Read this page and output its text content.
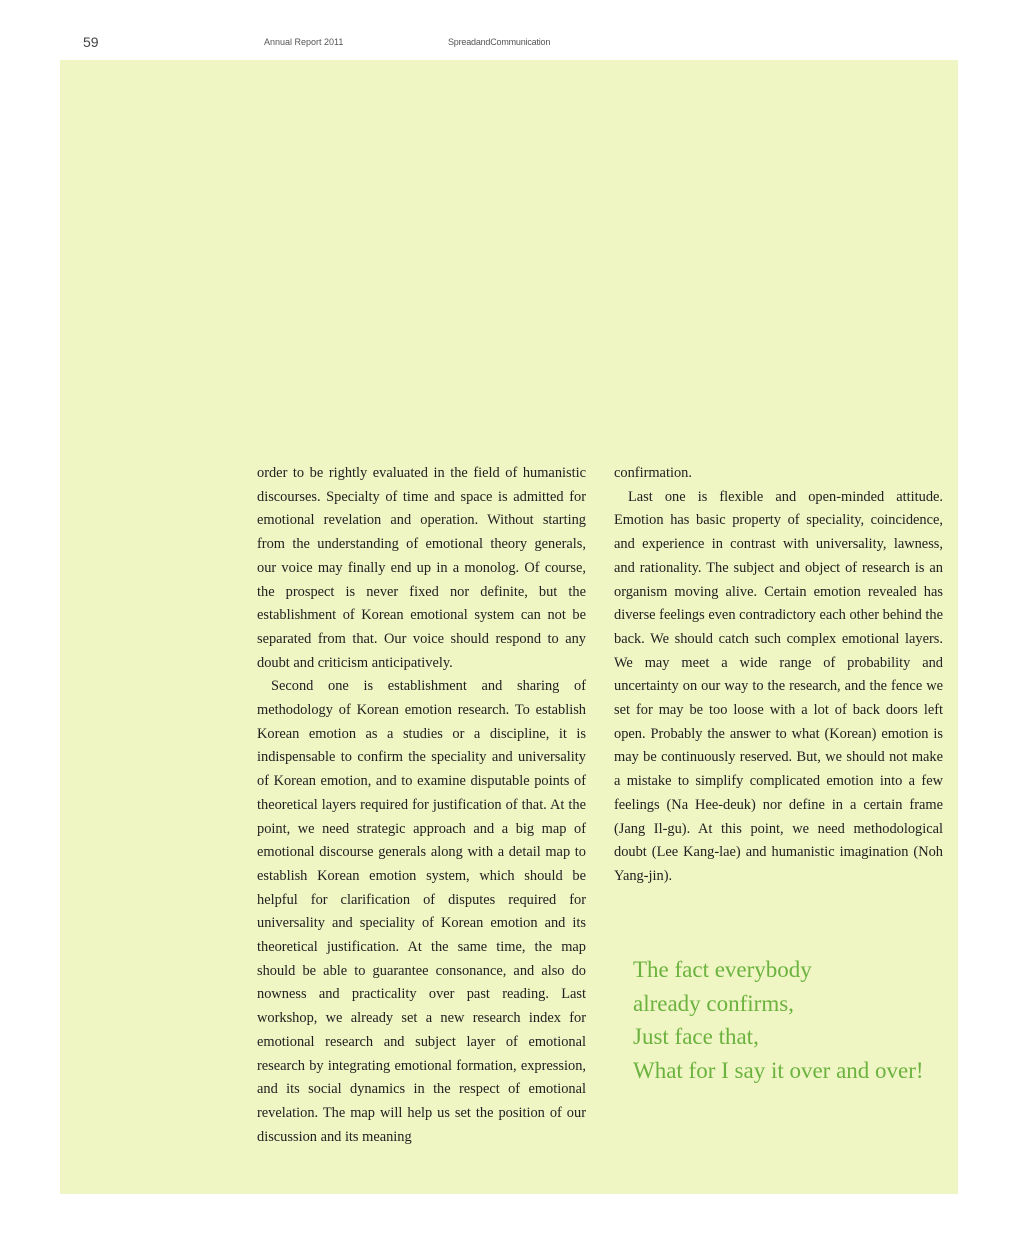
59	Annual Report 2011	SpreadandCommunication

order to be rightly evaluated in the field of humanistic discourses. Specialty of time and space is admitted for emotional revelation and operation. Without starting from the understanding of emotional theory generals, our voice may finally end up in a monolog. Of course, the prospect is never fixed nor definite, but the establishment of Korean emotional system can not be separated from that. Our voice should respond to any doubt and criticism anticipatively.

Second one is establishment and sharing of methodology of Korean emotion research. To establish Korean emotion as a studies or a discipline, it is indispensable to confirm the speciality and universality of Korean emotion, and to examine disputable points of theoretical layers required for justification of that. At the point, we need strategic approach and a big map of emotional discourse generals along with a detail map to establish Korean emotion system, which should be helpful for clarification of disputes required for universality and speciality of Korean emotion and its theoretical justification. At the same time, the map should be able to guarantee consonance, and also do nowness and practicality over past reading. Last workshop, we already set a new research index for emotional research and subject layer of emotional research by integrating emotional formation, expression, and its social dynamics in the respect of emotional revelation. The map will help us set the position of our discussion and its meaning

confirmation.

Last one is flexible and open-minded attitude. Emotion has basic property of speciality, coincidence, and experience in contrast with universality, lawness, and rationality. The subject and object of research is an organism moving alive. Certain emotion revealed has diverse feelings even contradictory each other behind the back. We should catch such complex emotional layers. We may meet a wide range of probability and uncertainty on our way to the research, and the fence we set for may be too loose with a lot of back doors left open. Probably the answer to what (Korean) emotion is may be continuously reserved. But, we should not make a mistake to simplify complicated emotion into a few feelings (Na Hee-deuk) nor define in a certain frame (Jang Il-gu). At this point, we need methodological doubt (Lee Kang-lae) and humanistic imagination (Noh Yang-jin).

The fact everybody
already confirms,
Just face that,
What for I say it over and over!
